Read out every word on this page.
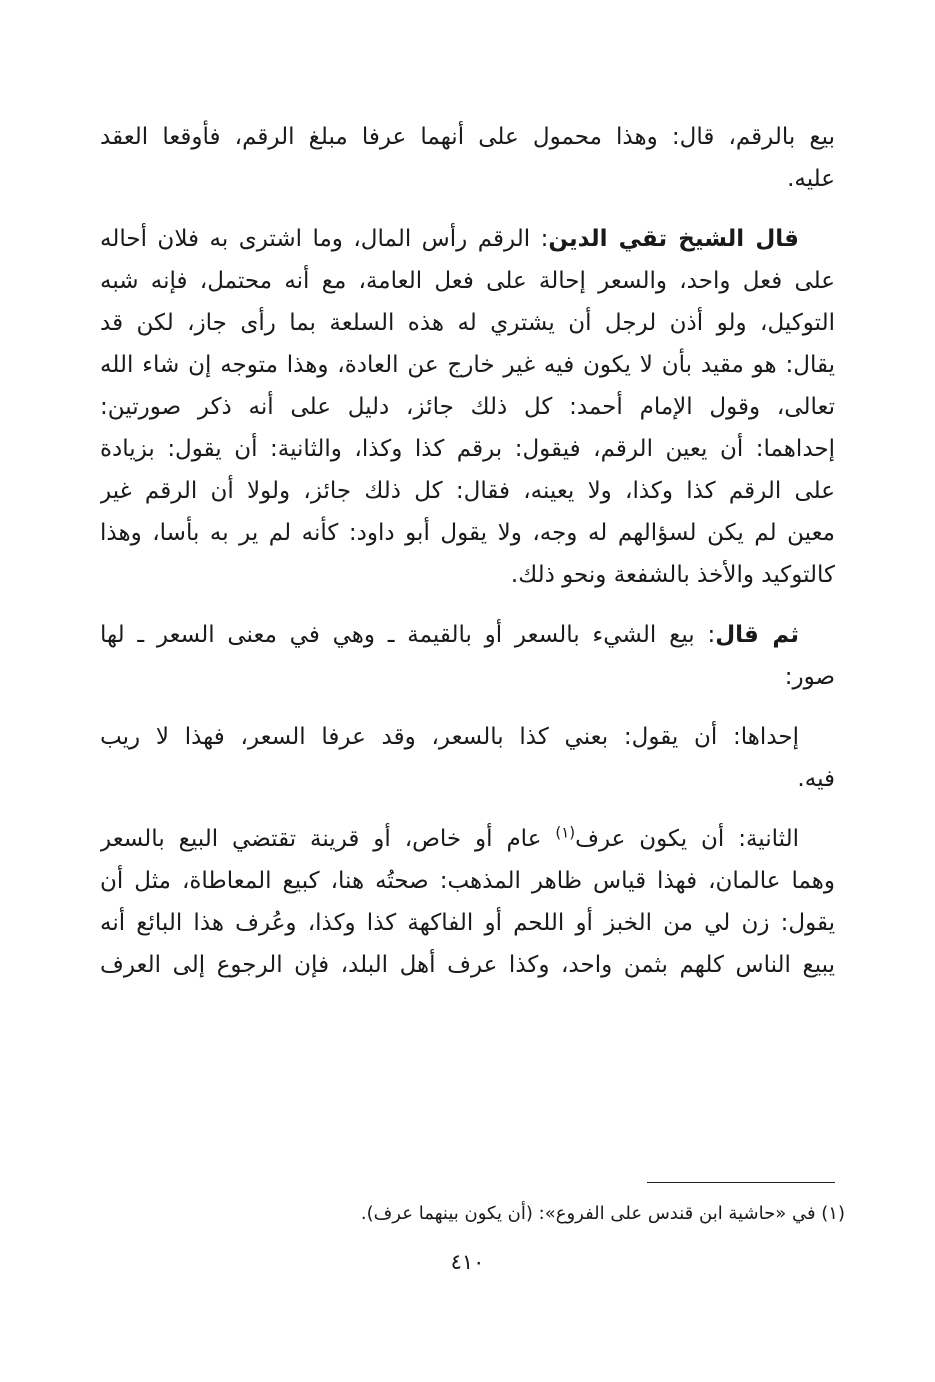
بيع بالرقم، قال: وهذا محمول على أنهما عرفا مبلغ الرقم، فأوقعا العقد
عليه.

قال الشيخ تقي الدين: الرقم رأس المال، وما اشترى به فلان أحاله
على فعل واحد، والسعر إحالة على فعل العامة، مع أنه محتمل، فإنه شبه
التوكيل، ولو أذن لرجل أن يشتري له هذه السلعة بما رأى جاز، لكن قد
يقال: هو مقيد بأن لا يكون فيه غير خارج عن العادة، وهذا متوجه إن شاء الله
تعالى، وقول الإمام أحمد: كل ذلك جائز، دليل على أنه ذكر صورتين:
إحداهما: أن يعين الرقم، فيقول: برقم كذا وكذا، والثانية: أن يقول: بزيادة
على الرقم كذا وكذا، ولا يعينه، فقال: كل ذلك جائز، ولولا أن الرقم غير
معين لم يكن لسؤالهم له وجه، ولا يقول أبو داود: كأنه لم ير به بأسا، وهذا
كالتوكيد والأخذ بالشفعة ونحو ذلك.

ثم قال: بيع الشيء بالسعر أو بالقيمة ـ وهي في معنى السعر ـ لها
صور:

إحداها: أن يقول: بعني كذا بالسعر، وقد عرفا السعر، فهذا لا ريب
فيه.

الثانية: أن يكون عرف$^{(١)}$ عام أو خاص، أو قرينة تقتضي البيع بالسعر
وهما عالمان، فهذا قياس ظاهر المذهب: صحتُه هنا، كبيع المعاطاة، مثل أن
يقول: زن لي من الخبز أو اللحم أو الفاكهة كذا وكذا، وعُرف هذا البائع أنه
يبيع الناس كلهم بثمن واحد، وكذا عرف أهل البلد، فإن الرجوع إلى العرف

(١) في «حاشية ابن قندس على الفروع»: (أن يكون بينهما عرف).

٤١٠
